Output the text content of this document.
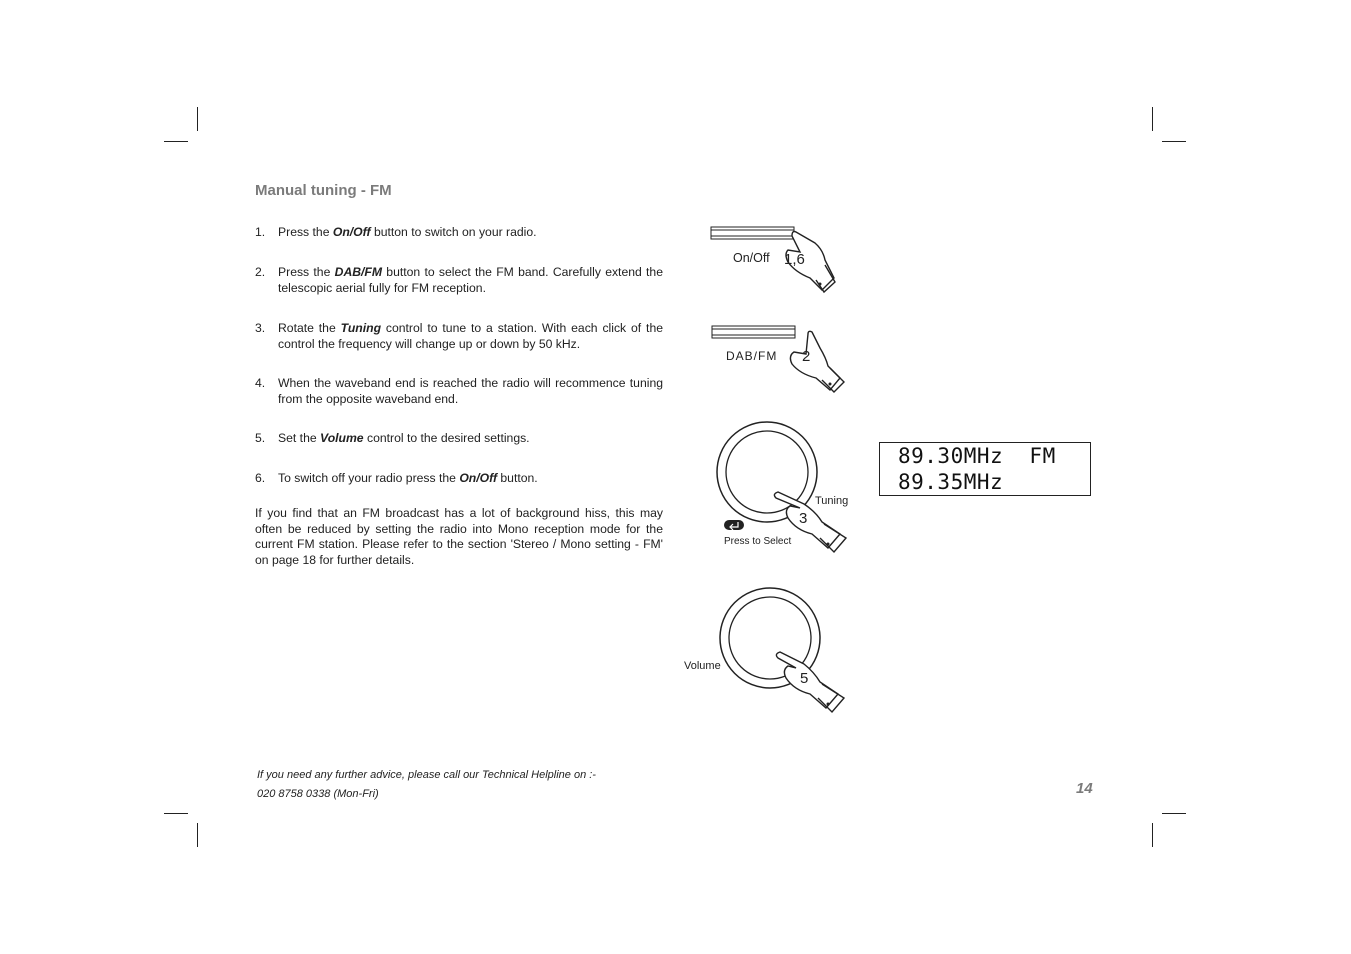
Manual tuning - FM
1. Press the On/Off button to switch on your radio.
2. Press the DAB/FM button to select the FM band. Carefully extend the telescopic aerial fully for FM reception.
3. Rotate the Tuning control to tune to a station. With each click of the control the frequency will change up or down by 50 kHz.
4. When the waveband end is reached the radio will recommence tuning from the opposite waveband end.
5. Set the Volume control to the desired settings.
6. To switch off your radio press the On/Off button.

If you find that an FM broadcast has a lot of background hiss, this may often be reduced by setting the radio into Mono reception mode for the current FM station. Please refer to the section 'Stereo / Mono setting - FM' on page 18 for further details.

On/Off 1,6
DAB/FM 2
Tuning
3
Press to Select
Volume
5
89.30MHz  FM
89.35MHz
If you need any further advice, please call our Technical Helpline on :-
020 8758 0338 (Mon-Fri)	14
